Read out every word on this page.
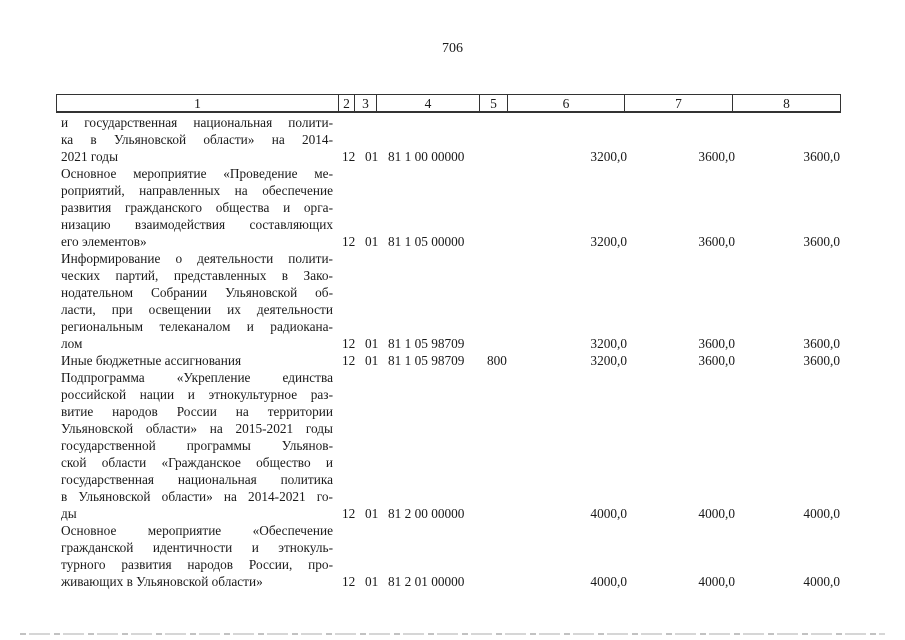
706
1	2 3	4	5	6	7	8
и государственная национальная полити-
ка в Ульяновской области» на 2014-
2021 годы	12 01 81 1 00 00000	3200,0	3600,0	3600,0
Основное мероприятие «Проведение ме-
роприятий, направленных на обеспечение
развития гражданского общества и орга-
низацию взаимодействия составляющих
его элементов»	12 01 81 1 05 00000	3200,0	3600,0	3600,0
Информирование о деятельности полити-
ческих партий, представленных в Зако-
нодательном Собрании Ульяновской об-
ласти, при освещении их деятельности
региональным телеканалом и радиокана-
лом	12 01 81 1 05 98709	3200,0	3600,0	3600,0
Иные бюджетные ассигнования	12 01 81 1 05 98709 800	3200,0	3600,0	3600,0
Подпрограмма «Укрепление единства
российской нации и этнокультурное раз-
витие народов России на территории
Ульяновской области» на 2015-2021 годы
государственной программы Ульянов-
ской области «Гражданское общество и
государственная национальная политика
в Ульяновской области» на 2014-2021 го-
ды	12 01 81 2 00 00000	4000,0	4000,0	4000,0
Основное мероприятие «Обеспечение
гражданской идентичности и этнокуль-
турного развития народов России, про-
живающих в Ульяновской области»	12 01 81 2 01 00000	4000,0	4000,0	4000,0
